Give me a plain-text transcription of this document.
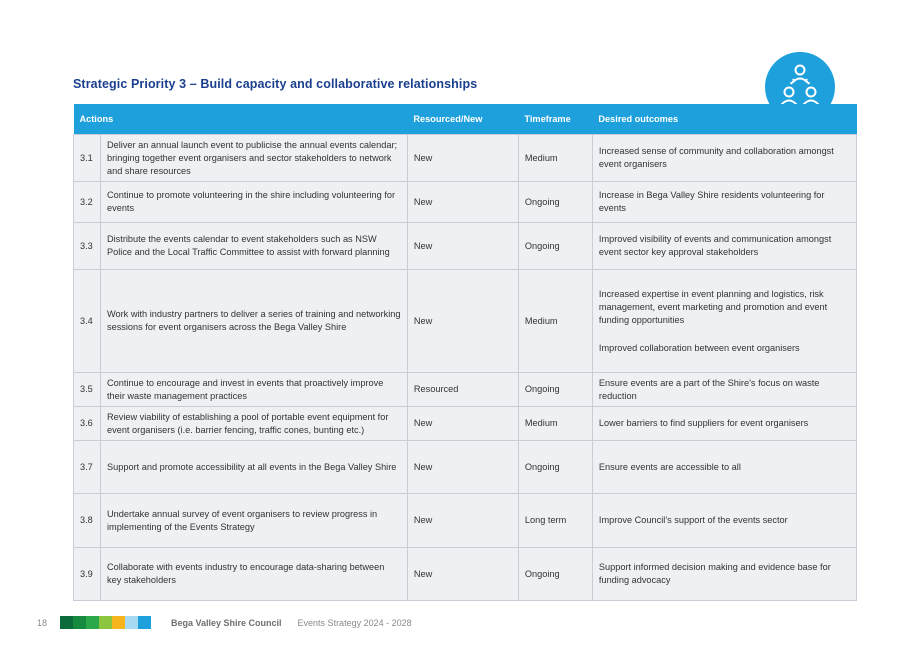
Strategic Priority 3 – Build capacity and collaborative relationships
Actions		Resourced/New	Timeframe	Desired outcomes
3.1	Deliver an annual launch event to publicise the annual events calendar; bringing together event organisers and sector stakeholders to network and share resources	New	Medium	Increased sense of community and collaboration amongst event organisers
3.2	Continue to promote volunteering in the shire including volunteering for events	New	Ongoing	Increase in Bega Valley Shire residents volunteering for events
3.3	Distribute the events calendar to event stakeholders such as NSW Police and the Local Traffic Committee to assist with forward planning	New	Ongoing	Improved visibility of events and communication amongst event sector key approval stakeholders
3.4	Work with industry partners to deliver a series of training and networking sessions for event organisers across the Bega Valley Shire	New	Medium	Increased expertise in event planning and logistics, risk management, event marketing and promotion and event funding opportunities
Improved collaboration between event organisers

3.5	Continue to encourage and invest in events that proactively improve their waste management practices	Resourced	Ongoing	Ensure events are a part of the Shire’s focus on waste reduction
3.6	Review viability of establishing a pool of portable event equipment for event organisers (i.e. barrier fencing, traffic cones, bunting etc.)	New	Medium	Lower barriers to find suppliers for event organisers
3.7	Support and promote accessibility at all events in the Bega Valley Shire	New	Ongoing	Ensure events are accessible to all
3.8	Undertake annual survey of event organisers to review progress in implementing of the Events Strategy	New	Long term	Improve Council’s support of the events sector
3.9	Collaborate with events industry to encourage data-sharing between key stakeholders	New	Ongoing	Support informed decision making and evidence base for funding advocacy
18	Bega Valley Shire Council Events Strategy 2024 - 2028
